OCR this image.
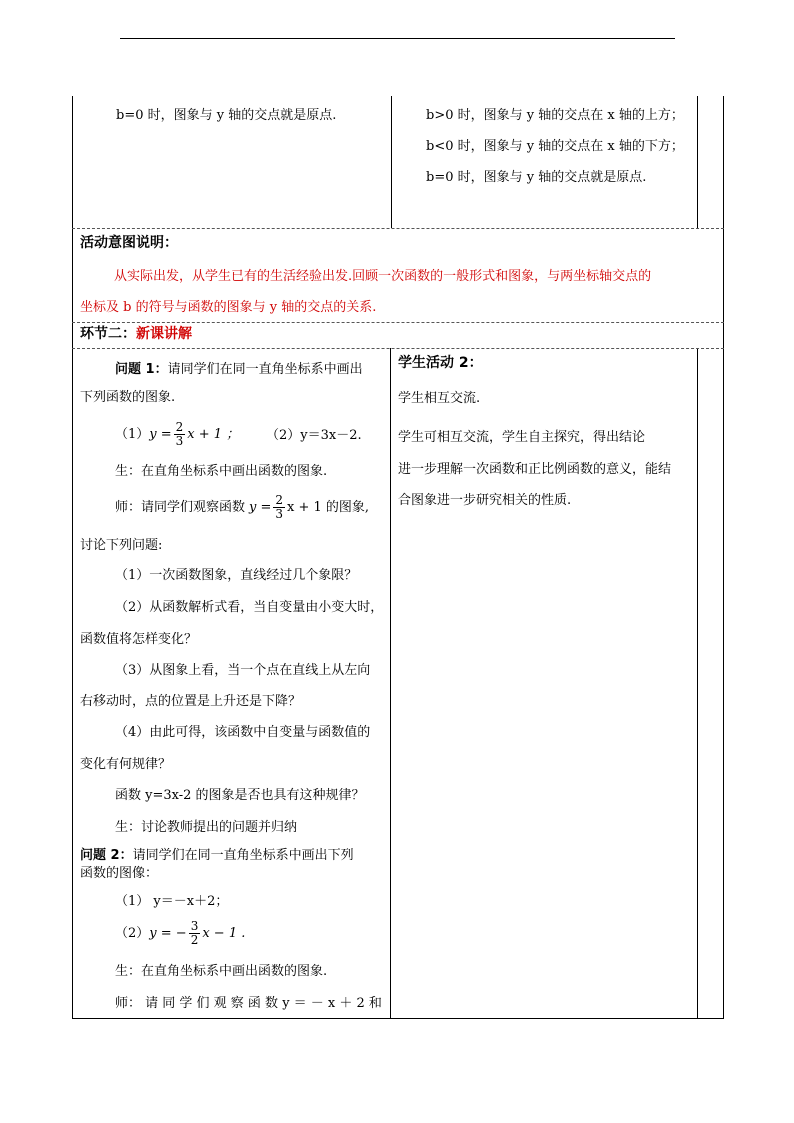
b=0 时，图象与 y 轴的交点就是原点.	b>0 时，图象与 y 轴的交点在 x 轴的上方；
b<0 时，图象与 y 轴的交点在 x 轴的下方；
b=0 时，图象与 y 轴的交点就是原点.
活动意图说明：
从实际出发，从学生已有的生活经验出发.回顾一次函数的一般形式和图象，与两坐标轴交点的
坐标及 b 的符号与函数的图象与 y 轴的交点的关系.
环节二：新课讲解
问题 1：请同学们在同一直角坐标系中画出
下列函数的图象.
（1） $y = \frac{2}{3}$ x + 1 ； （2）y＝3x－2.
生：在直角坐标系中画出函数的图象.
师：请同学们观察函数 $y = \frac{2}{3}$ x + 1 的图象,
讨论下列问题:
（1）一次函数图象，直线经过几个象限？
（2）从函数解析式看，当自变量由小变大时，
函数值将怎样变化？
（3）从图象上看，当一个点在直线上从左向
右移动时，点的位置是上升还是下降？
（4）由此可得，该函数中自变量与函数值的
变化有何规律？
函数 y=3x-2 的图象是否也具有这种规律？
生：讨论教师提出的问题并归纳
问题 2：请同学们在同一直角坐标系中画出下列
函数的图像：
（1） y＝－x＋2；
（2） y = − $\frac{3}{2}$ x − 1 .
生：在直角坐标系中画出函数的图象.
师： 请 同 学 们 观 察 函 数 y ＝ － x ＋ 2 和
学生活动 2：
学生相互交流.
学生可相互交流，学生自主探究，得出结论
进一步理解一次函数和正比例函数的意义，能结
合图象进一步研究相关的性质.
